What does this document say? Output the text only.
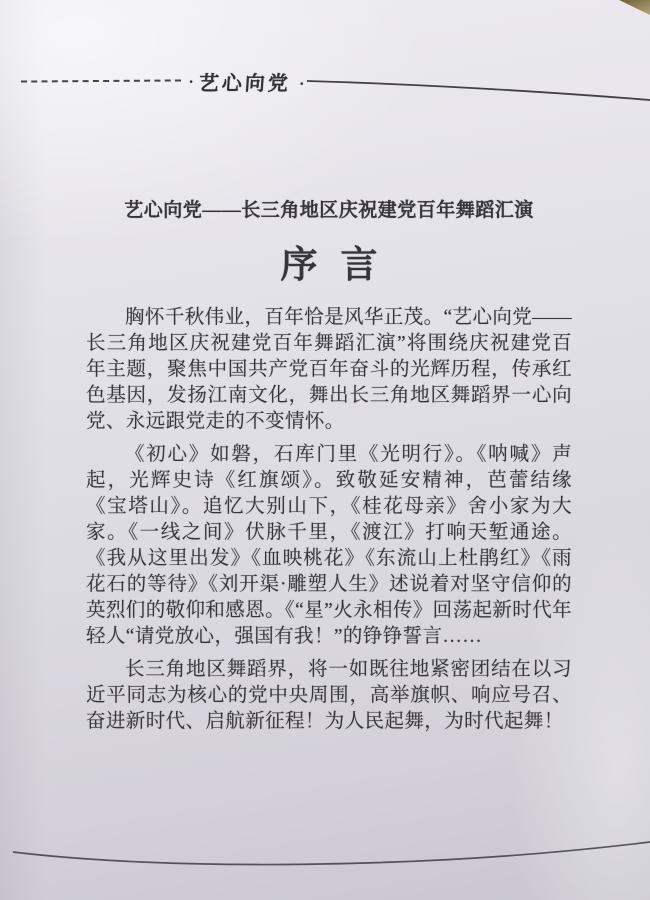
· 艺心向党 ·
艺心向党——长三角地区庆祝建党百年舞蹈汇演
序言

胸怀千秋伟业，百年恰是风华正茂。“艺心向党——长三角地区庆祝建党百年舞蹈汇演”将围绕庆祝建党百年主题，聚焦中国共产党百年奋斗的光辉历程，传承红色基因，发扬江南文化，舞出长三角地区舞蹈界一心向党、永远跟党走的不变情怀。

《初心》如磐，石库门里《光明行》。《呐喊》声起，光辉史诗《红旗颂》。致敬延安精神，芭蕾结缘《宝塔山》。追忆大别山下，《桂花母亲》舍小家为大家。《一线之间》伏脉千里，《渡江》打响天堑通途。《我从这里出发》《血映桃花》《东流山上杜鹃红》《雨花石的等待》《刘开渠·雕塑人生》述说着对坚守信仰的英烈们的敬仰和感恩。《“星”火永相传》回荡起新时代年轻人“请党放心，强国有我！”的铮铮誓言……

长三角地区舞蹈界，将一如既往地紧密团结在以习近平同志为核心的党中央周围，高举旗帜、响应号召、奋进新时代、启航新征程！为人民起舞，为时代起舞！
